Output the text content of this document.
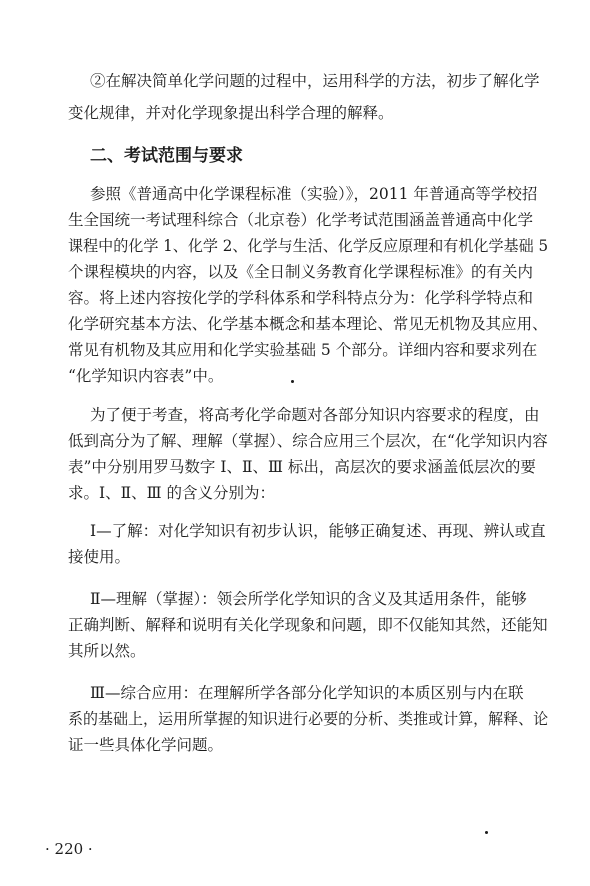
②在解决简单化学问题的过程中，运用科学的方法，初步了解化学

变化规律，并对化学现象提出科学合理的解释。

二、考试范围与要求

参照《普通高中化学课程标准（实验）》，2011 年普通高等学校招

生全国统一考试理科综合（北京卷）化学考试范围涵盖普通高中化学

课程中的化学 1、化学 2、化学与生活、化学反应原理和有机化学基础 5

个课程模块的内容，以及《全日制义务教育化学课程标准》的有关内

容。将上述内容按化学的学科体系和学科特点分为：化学科学特点和

化学研究基本方法、化学基本概念和基本理论、常见无机物及其应用、

常见有机物及其应用和化学实验基础 5 个部分。详细内容和要求列在

“化学知识内容表”中。

为了便于考查，将高考化学命题对各部分知识内容要求的程度，由

低到高分为了解、理解（掌握）、综合应用三个层次，在“化学知识内容

表”中分别用罗马数字 Ⅰ、Ⅱ、Ⅲ 标出，高层次的要求涵盖低层次的要

求。Ⅰ、Ⅱ、Ⅲ 的含义分别为：

Ⅰ—了解：对化学知识有初步认识，能够正确复述、再现、辨认或直

接使用。

Ⅱ—理解（掌握）：领会所学化学知识的含义及其适用条件，能够

正确判断、解释和说明有关化学现象和问题，即不仅能知其然，还能知

其所以然。

Ⅲ—综合应用：在理解所学各部分化学知识的本质区别与内在联

系的基础上，运用所掌握的知识进行必要的分析、类推或计算，解释、论

证一些具体化学问题。

· 220 ·
